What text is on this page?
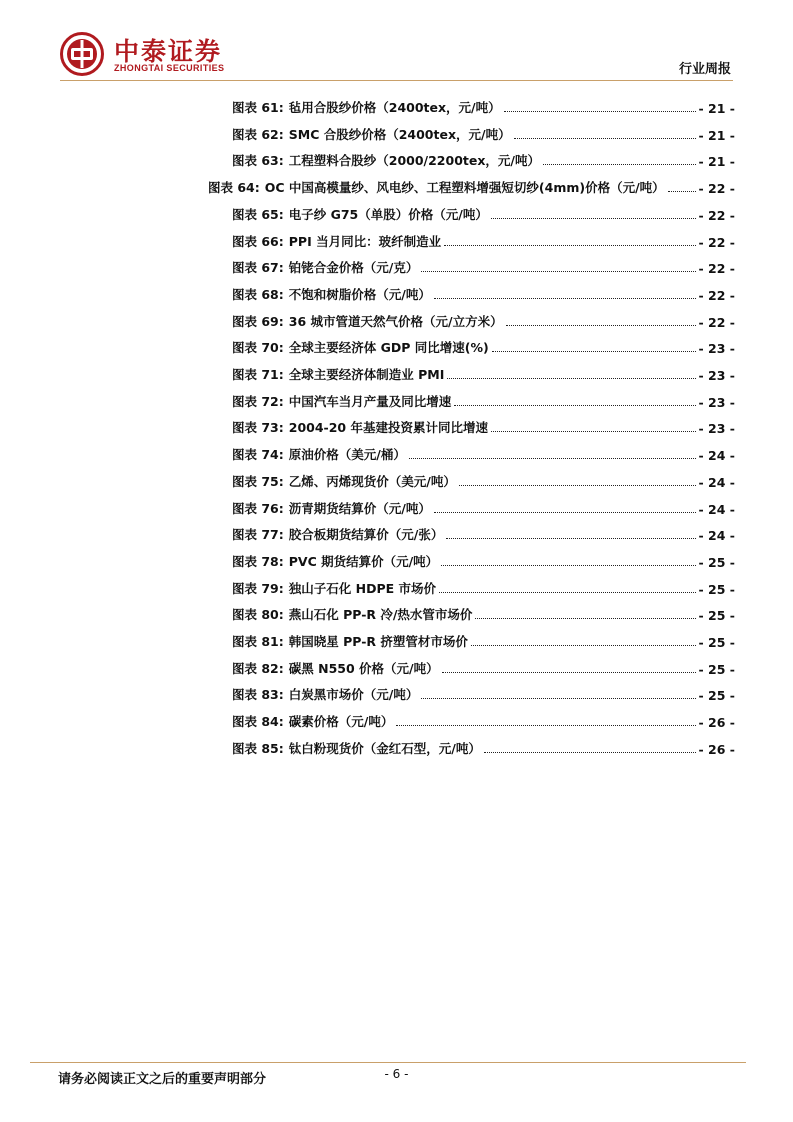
中泰证券
ZHONGTAI SECURITIES	行业周报
图表 61: 毡用合股纱价格（2400tex，元/吨）	- 21 -
图表 62: SMC 合股纱价格（2400tex，元/吨）	- 21 -
图表 63: 工程塑料合股纱（2000/2200tex，元/吨）	- 21 -
图表 64: OC 中国高模量纱、风电纱、工程塑料增强短切纱(4mm)价格（元/吨）	- 22 -
图表 65: 电子纱 G75（单股）价格（元/吨）	- 22 -
图表 66: PPI 当月同比：玻纤制造业	- 22 -
图表 67: 铂铑合金价格（元/克）	- 22 -
图表 68: 不饱和树脂价格（元/吨）	- 22 -
图表 69: 36 城市管道天然气价格（元/立方米）	- 22 -
图表 70: 全球主要经济体 GDP 同比增速(%)	- 23 -
图表 71: 全球主要经济体制造业 PMI	- 23 -
图表 72: 中国汽车当月产量及同比增速	- 23 -
图表 73: 2004-20 年基建投资累计同比增速	- 23 -
图表 74: 原油价格（美元/桶）	- 24 -
图表 75: 乙烯、丙烯现货价（美元/吨）	- 24 -
图表 76: 沥青期货结算价（元/吨）	- 24 -
图表 77: 胶合板期货结算价（元/张）	- 24 -
图表 78: PVC 期货结算价（元/吨）	- 25 -
图表 79: 独山子石化 HDPE 市场价	- 25 -
图表 80: 燕山石化 PP-R 冷/热水管市场价	- 25 -
图表 81: 韩国晓星 PP-R 挤塑管材市场价	- 25 -
图表 82: 碳黑 N550 价格（元/吨）	- 25 -
图表 83: 白炭黑市场价（元/吨）	- 25 -
图表 84: 碳素价格（元/吨）	- 26 -
图表 85: 钛白粉现货价（金红石型，元/吨）	- 26 -
请务必阅读正文之后的重要声明部分	- 6 -
